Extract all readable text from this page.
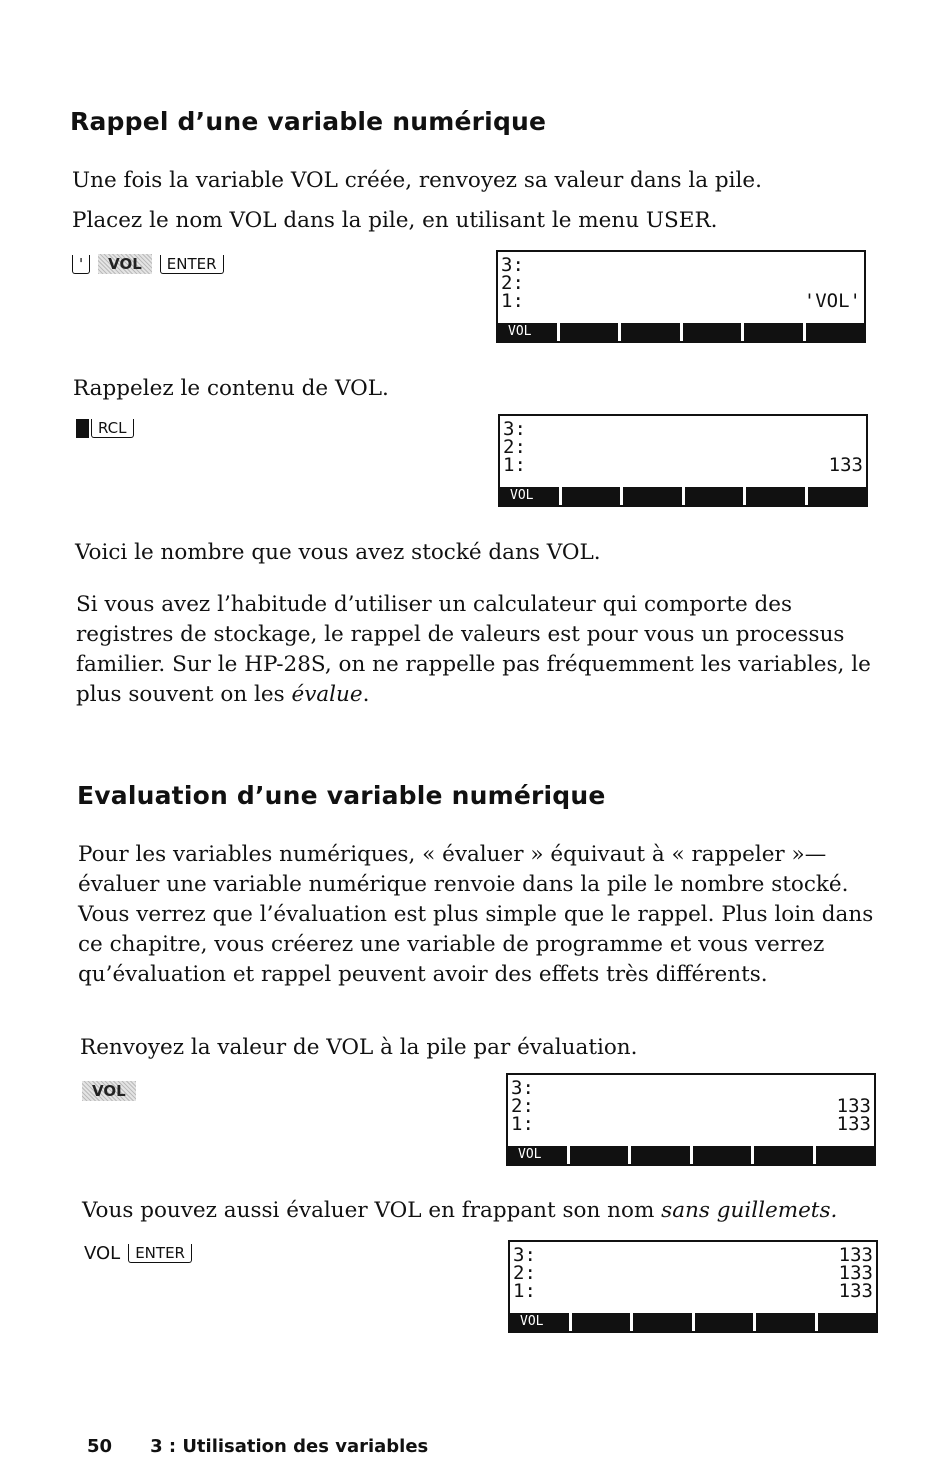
Rappel d’une variable numérique

Une fois la variable VOL créée, renvoyez sa valeur dans la pile.

Placez le nom VOL dans la pile, en utilisant le menu USER.

'	VOL	ENTER	3:
2:
1:	'VOL'
VOL

Rappelez le contenu de VOL.

RCL	3:
2:
1:	133
VOL

Voici le nombre que vous avez stocké dans VOL.

Si vous avez l’habitude d’utiliser un calculateur qui comporte des registres de stockage, le rappel de valeurs est pour vous un processus familier. Sur le HP-28S, on ne rappelle pas fréquemment les variables, le plus souvent on les évalue.

Evaluation d’une variable numérique

Pour les variables numériques, « évaluer » équivaut à « rappeler »— évaluer une variable numérique renvoie dans la pile le nombre stocké. Vous verrez que l’évaluation est plus simple que le rappel. Plus loin dans ce chapitre, vous créerez une variable de programme et vous verrez qu’évaluation et rappel peuvent avoir des effets très différents.

Renvoyez la valeur de VOL à la pile par évaluation.

VOL	3:
2:	133
1:	133
VOL

Vous pouvez aussi évaluer VOL en frappant son nom sans guillemets.

VOL	ENTER	3:	133
2:	133
1:	133
VOL
50 3 : Utilisation des variables
